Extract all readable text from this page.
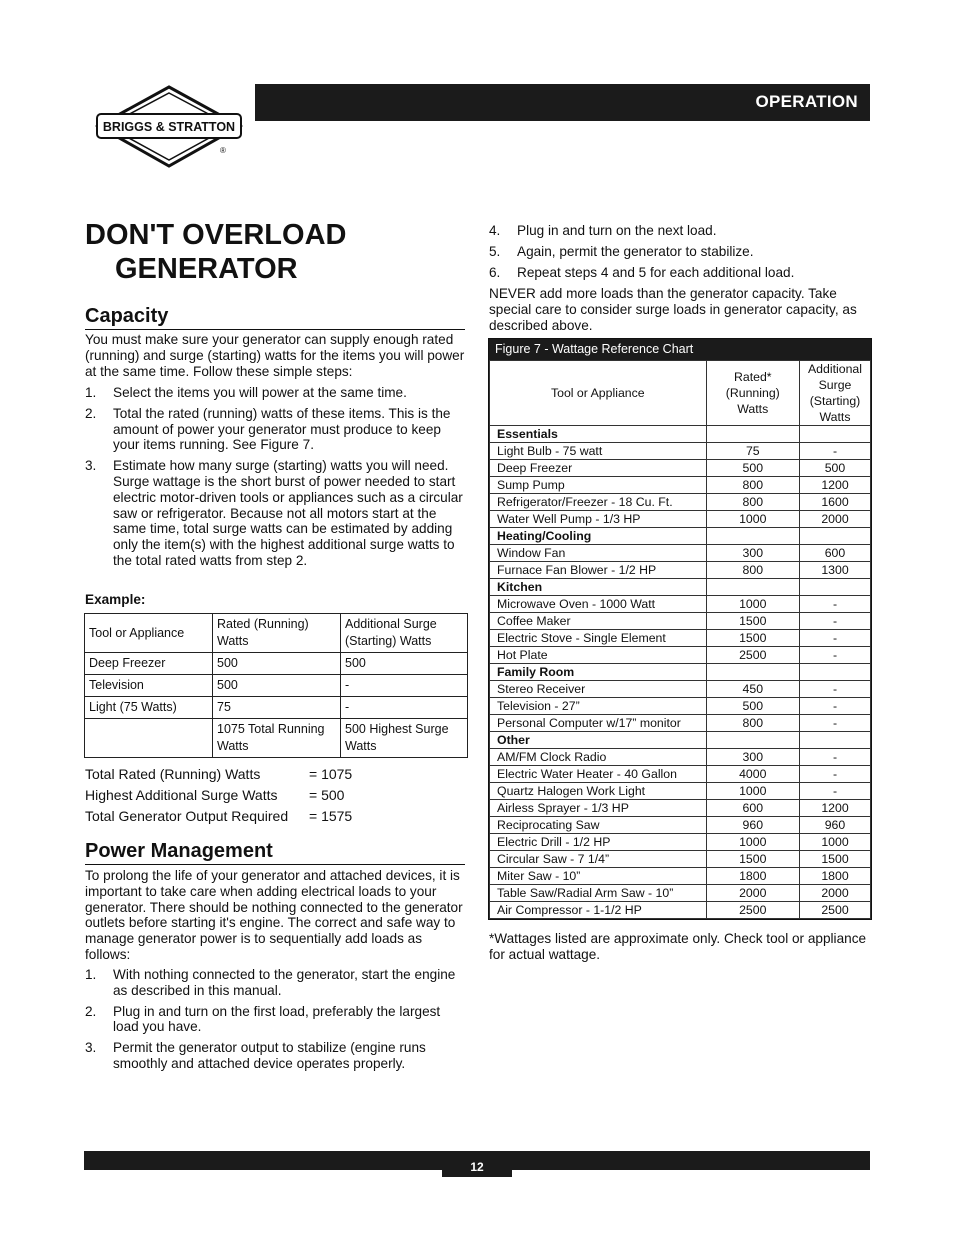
BRIGGS & STRATTON
®
OPERATION
DON'T OVERLOAD
GENERATOR
Capacity
You must make sure your generator can supply enough rated (running) and surge (starting) watts for the items you will power at the same time. Follow these simple steps:
1. Select the items you will power at the same time.
2. Total the rated (running) watts of these items. This is the amount of power your generator must produce to keep your items running. See Figure 7.
3. Estimate how many surge (starting) watts you will need. Surge wattage is the short burst of power needed to start electric motor-driven tools or appliances such as a circular saw or refrigerator. Because not all motors start at the same time, total surge watts can be estimated by adding only the item(s) with the highest additional surge watts to the total rated watts from step 2.
Example:
Tool or Appliance	Rated (Running) Watts	Additional Surge (Starting) Watts
Deep Freezer	500	500
Television	500	-
Light (75 Watts)	75	-
	1075 Total Running Watts	500 Highest Surge Watts
Total Rated (Running) Watts	= 1075
Highest Additional Surge Watts	= 500
Total Generator Output Required	= 1575
Power Management
To prolong the life of your generator and attached devices, it is important to take care when adding electrical loads to your generator. There should be nothing connected to the generator outlets before starting it's engine. The correct and safe way to manage generator power is to sequentially add loads as follows:
1. With nothing connected to the generator, start the engine as described in this manual.
2. Plug in and turn on the first load, preferably the largest load you have.
3. Permit the generator output to stabilize (engine runs smoothly and attached device operates properly.
4. Plug in and turn on the next load.
5. Again, permit the generator to stabilize.
6. Repeat steps 4 and 5 for each additional load.
NEVER add more loads than the generator capacity. Take special care to consider surge loads in generator capacity, as described above.
Figure 7 - Wattage Reference Chart
Tool or Appliance	Rated* (Running) Watts	Additional Surge (Starting) Watts
Essentials		
Light Bulb - 75 watt	75	-
Deep Freezer	500	500
Sump Pump	800	1200
Refrigerator/Freezer - 18 Cu. Ft.	800	1600
Water Well Pump - 1/3 HP	1000	2000
Heating/Cooling		
Window Fan	300	600
Furnace Fan Blower - 1/2 HP	800	1300
Kitchen		
Microwave Oven - 1000 Watt	1000	-
Coffee Maker	1500	-
Electric Stove - Single Element	1500	-
Hot Plate	2500	-
Family Room		
Stereo Receiver	450	-
Television - 27”	500	-
Personal Computer w/17” monitor	800	-
Other		
AM/FM Clock Radio	300	-
Electric Water Heater - 40 Gallon	4000	-
Quartz Halogen Work Light	1000	-
Airless Sprayer - 1/3 HP	600	1200
Reciprocating Saw	960	960
Electric Drill - 1/2 HP	1000	1000
Circular Saw - 7 1/4”	1500	1500
Miter Saw - 10”	1800	1800
Table Saw/Radial Arm Saw - 10”	2000	2000
Air Compressor - 1-1/2 HP	2500	2500
*Wattages listed are approximate only. Check tool or appliance for actual wattage.
12
